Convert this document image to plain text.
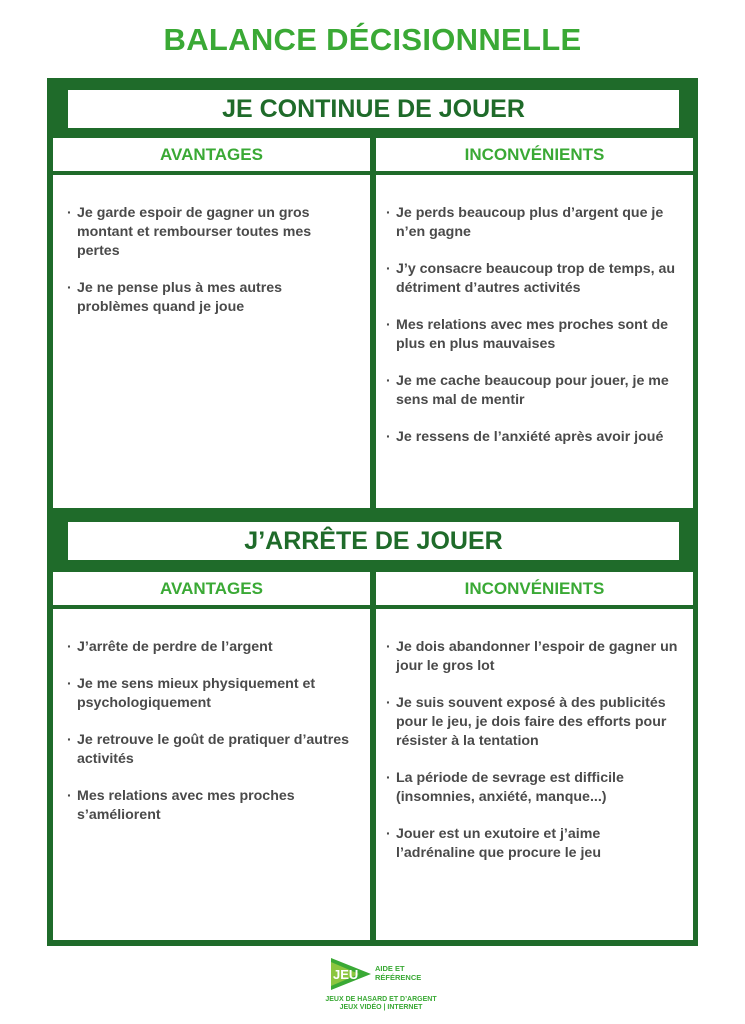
BALANCE DÉCISIONNELLE
JE CONTINUE DE JOUER
AVANTAGES	INCONVÉNIENTS
· Je garde espoir de gagner un gros montant et rembourser toutes mes pertes
· Je ne pense plus à mes autres problèmes quand je joue
· Je perds beaucoup plus d’argent que je n’en gagne
· J’y consacre beaucoup trop de temps, au détriment d’autres activités
· Mes relations avec mes proches sont de plus en plus mauvaises
· Je me cache beaucoup pour jouer, je me sens mal de mentir
· Je ressens de l’anxiété après avoir joué
J’ARRÊTE DE JOUER
AVANTAGES	INCONVÉNIENTS
· J’arrête de perdre de l’argent
· Je me sens mieux physiquement et psychologiquement
· Je retrouve le goût de pratiquer d’autres activités
· Mes relations avec mes proches s’améliorent
· Je dois abandonner l’espoir de gagner un jour le gros lot
· Je suis souvent exposé à des publicités pour le jeu, je dois faire des efforts pour résister à la tentation
· La période de sevrage est difficile (insomnies, anxiété, manque...)
· Jouer est un exutoire et j’aime l’adrénaline que procure le jeu
JEU AIDE ET
RÉFÉRENCE
JEUX DE HASARD ET D’ARGENT
JEUX VIDÉO | INTERNET
